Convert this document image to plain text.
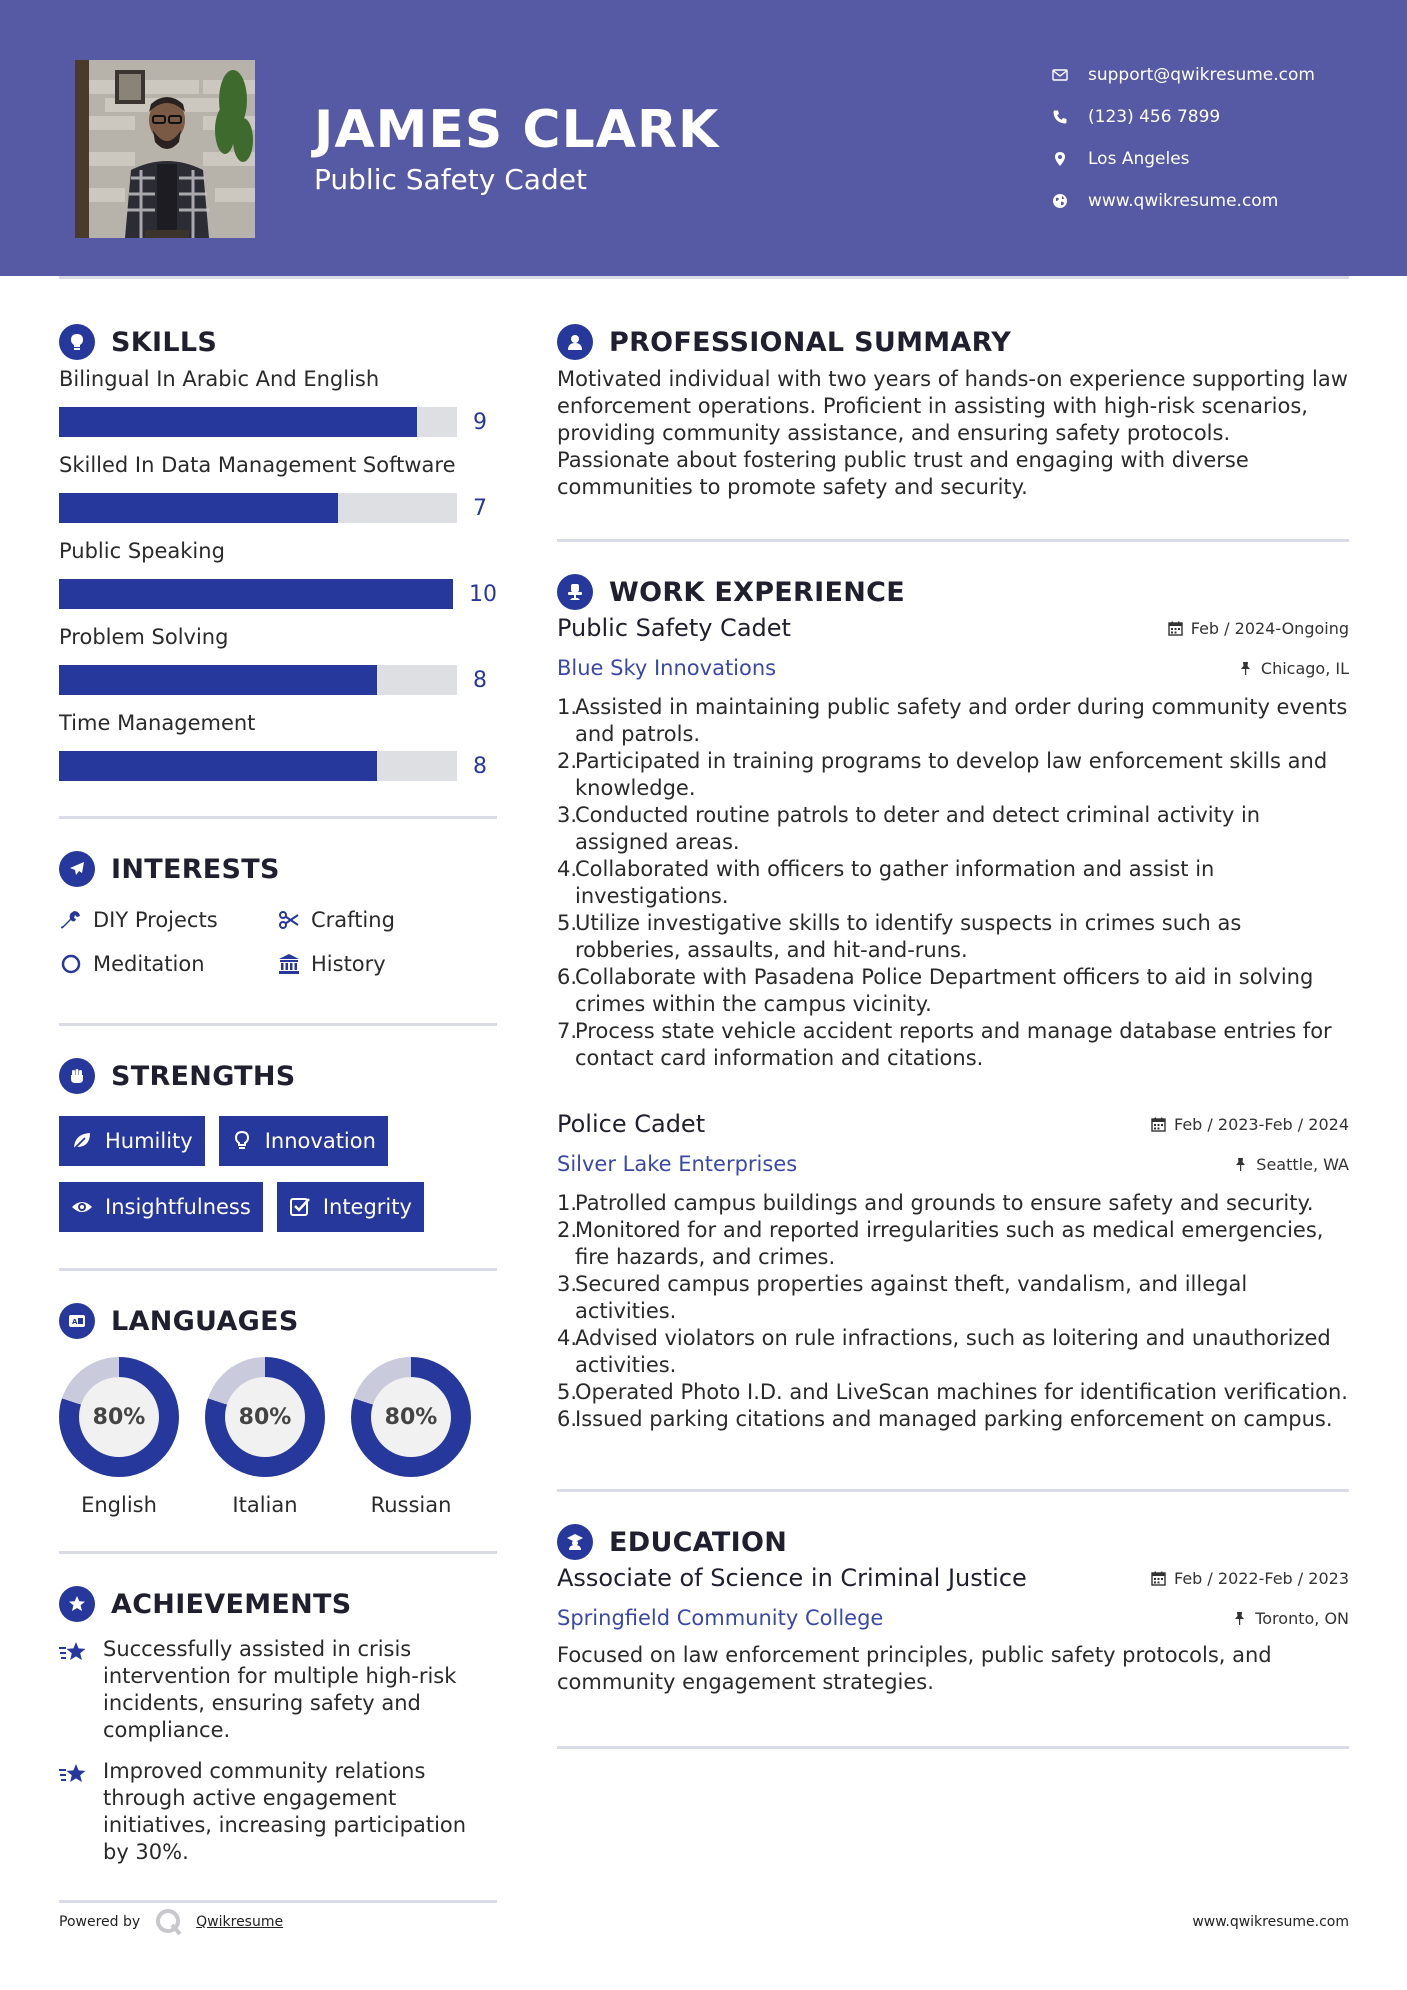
JAMES CLARK
Public Safety Cadet
support@qwikresume.com
(123) 456 7899
Los Angeles
www.qwikresume.com
SKILLS
Bilingual In Arabic And English
9
Skilled In Data Management Software
7
Public Speaking
10
Problem Solving
8
Time Management
8
INTERESTS
DIY Projects	Crafting
Meditation	History
STRENGTHS
Humility	Innovation
Insightfulness	Integrity
A LANGUAGES
80%
English
80%
Italian
80%
Russian
ACHIEVEMENTS
Successfully assisted in crisis intervention for multiple high-risk incidents, ensuring safety and compliance.
Improved community relations through active engagement initiatives, increasing participation by 30%.
PROFESSIONAL SUMMARY

Motivated individual with two years of hands-on experience supporting law enforcement operations. Proficient in assisting with high-risk scenarios, providing community assistance, and ensuring safety protocols. Passionate about fostering public trust and engaging with diverse communities to promote safety and security.

WORK EXPERIENCE
Public Safety Cadet	Feb / 2024-Ongoing
Blue Sky Innovations	Chicago, IL
1.
Assisted in maintaining public safety and order during community events and patrols.
2.
Participated in training programs to develop law enforcement skills and knowledge.
3.
Conducted routine patrols to deter and detect criminal activity in assigned areas.
4.
Collaborated with officers to gather information and assist in investigations.
5.
Utilize investigative skills to identify suspects in crimes such as robberies, assaults, and hit-and-runs.
6.
Collaborate with Pasadena Police Department officers to aid in solving crimes within the campus vicinity.
7.
Process state vehicle accident reports and manage database entries for contact card information and citations.
Police Cadet	Feb / 2023-Feb / 2024
Silver Lake Enterprises	Seattle, WA
1.
Patrolled campus buildings and grounds to ensure safety and security.
2.
Monitored for and reported irregularities such as medical emergencies, fire hazards, and crimes.
3.
Secured campus properties against theft, vandalism, and illegal activities.
4.
Advised violators on rule infractions, such as loitering and unauthorized activities.
5.
Operated Photo I.D. and LiveScan machines for identification verification.
6.
Issued parking citations and managed parking enforcement on campus.
EDUCATION
Associate of Science in Criminal Justice	Feb / 2022-Feb / 2023
Springfield Community College	Toronto, ON

Focused on law enforcement principles, public safety protocols, and community engagement strategies.

Powered by	Qwikresume	www.qwikresume.com
